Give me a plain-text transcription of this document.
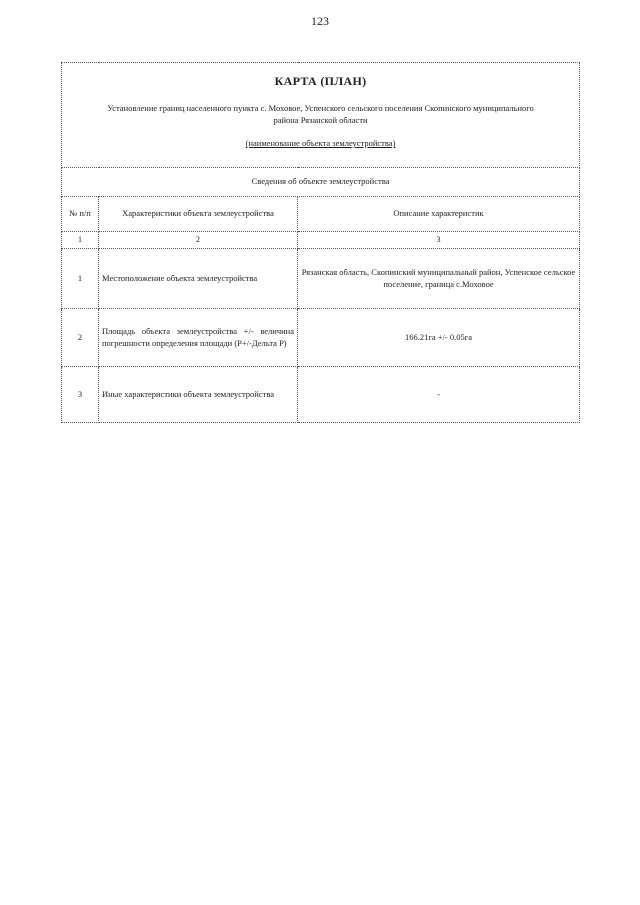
123
КАРТА (ПЛАН)
Установление границ населенного пункта с. Моховое, Успенского сельского поселения Скопинского муниципального района Рязанской области
(наименование объекта землеустройства)		

Сведения об объекте землеустройства		
№ п/п	Характеристики объекта землеустройства	Описание характеристик
1	2	3
1	Местоположение объекта землеустройства	Рязанская область, Скопинский муниципальный район, Успенское сельское поселение, граница с.Моховое
2	Площадь объекта землеустройства +/- величина погрешности определения площади (P+/-Дельта P)	166.21га +/- 0.05га
3	Иные характеристики объекта землеустройства	-
